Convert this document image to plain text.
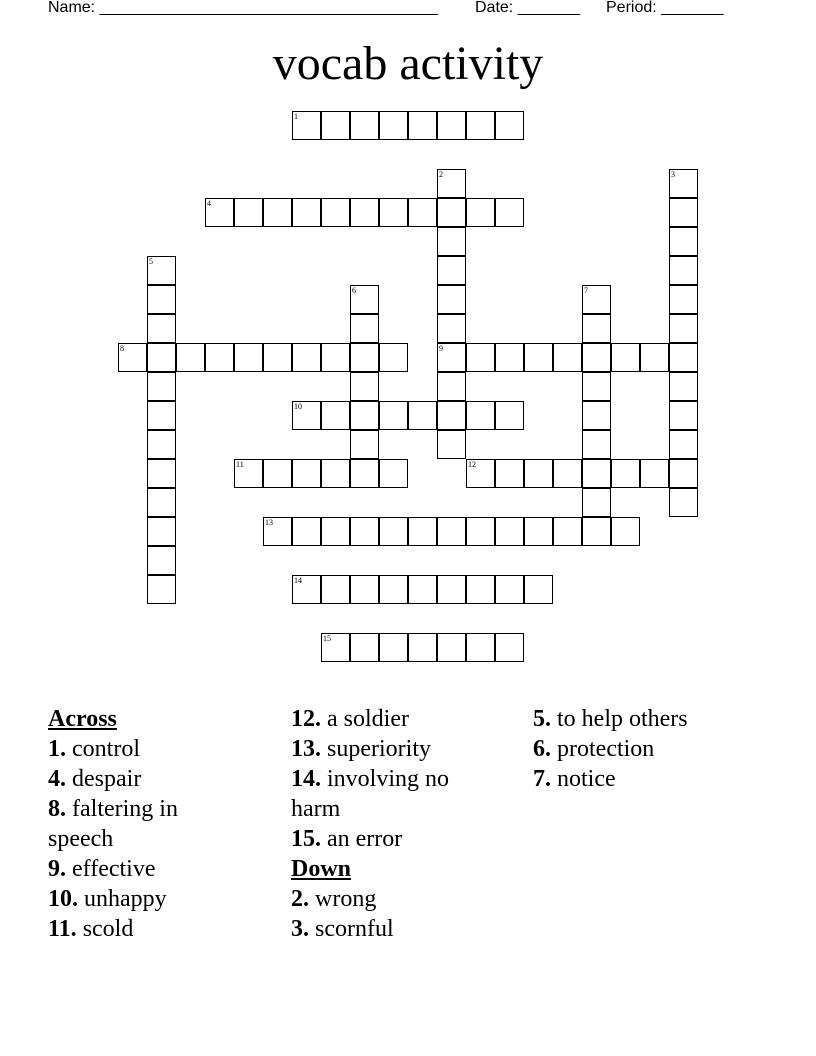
Name: ______________________________________ Date: _______ Period: _______
vocab activity
1
2	3
4
5
6	7
8	9
10
11	12
13
14
15
Across
1. control
4. despair
8. faltering in speech
9. effective
10. unhappy
11. scold
12. a soldier
13. superiority
14. involving no harm
15. an error
Down
2. wrong
3. scornful
5. to help others
6. protection
7. notice
